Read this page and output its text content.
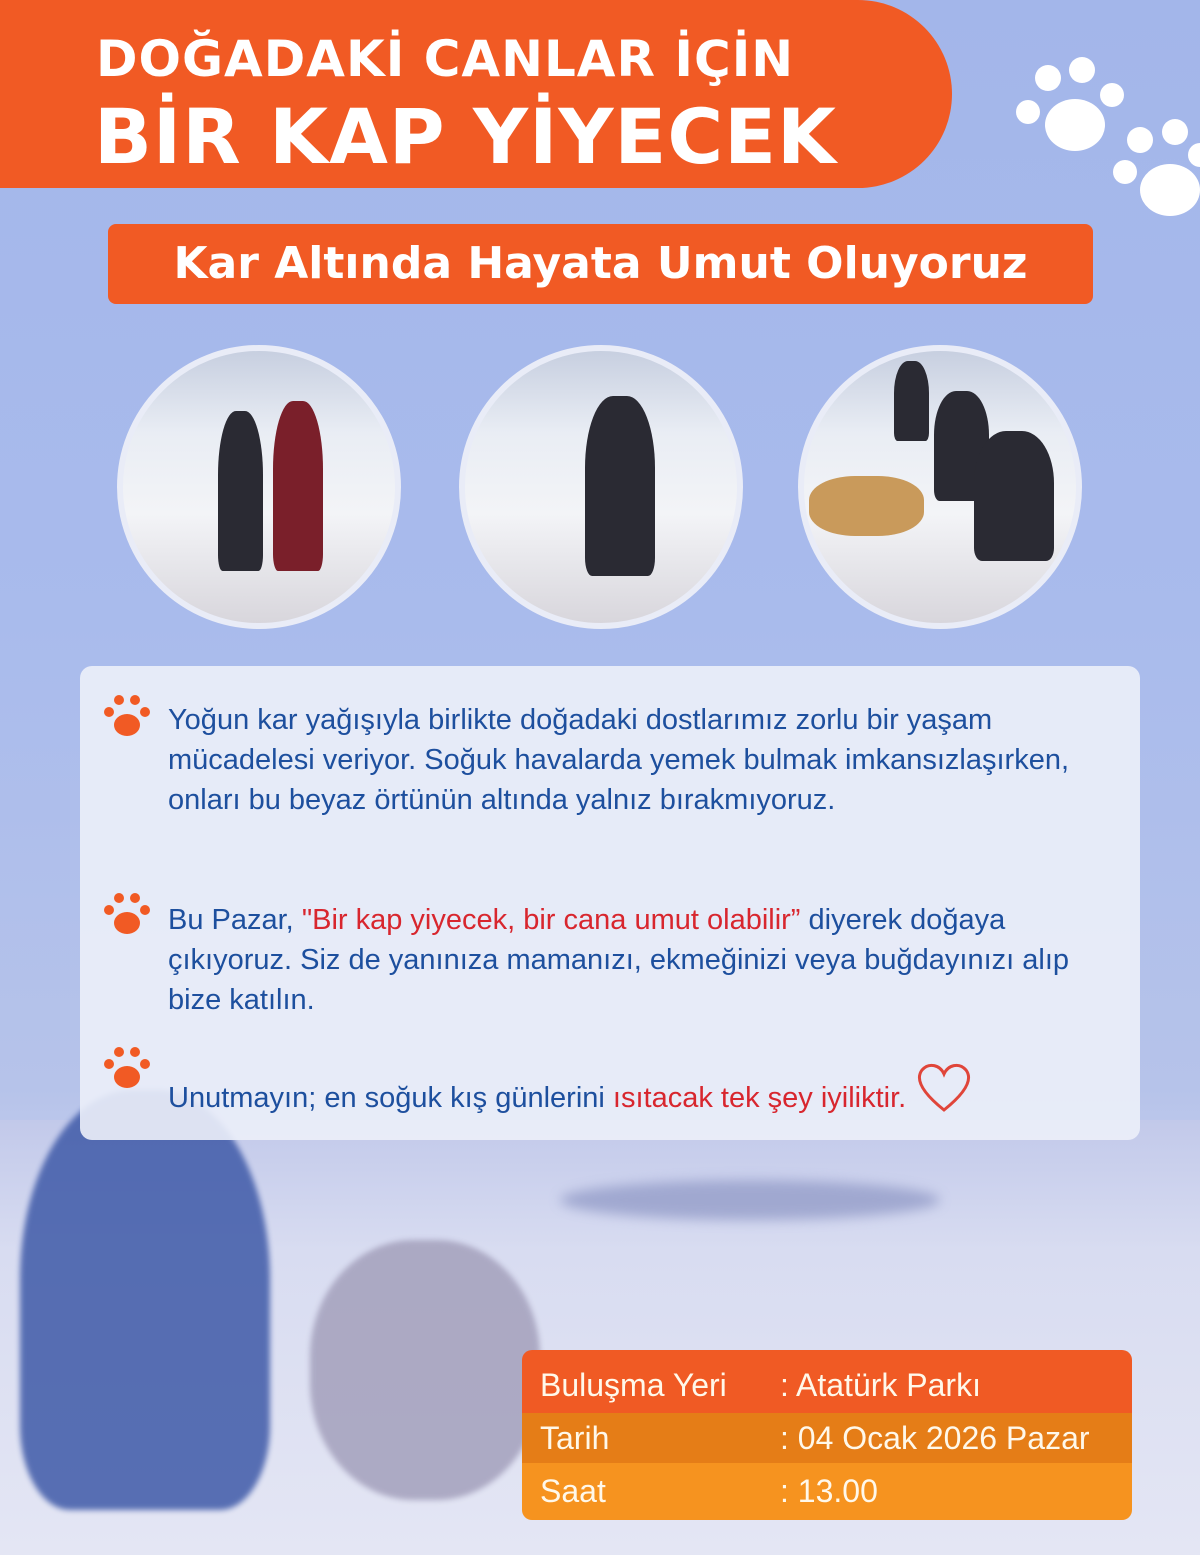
DOĞADAKİ CANLAR İÇİN
BİR KAP YİYECEK
Kar Altında Hayata Umut Oluyoruz
Yoğun kar yağışıyla birlikte doğadaki dostlarımız zorlu bir yaşam mücadelesi veriyor. Soğuk havalarda yemek bulmak imkansızlaşırken, onları bu beyaz örtünün altında yalnız bırakmıyoruz.
Bu Pazar, "Bir kap yiyecek, bir cana umut olabilir” diyerek doğaya çıkıyoruz. Siz de yanınıza mamanızı, ekmeğinizi veya buğdayınızı alıp bize katılın.
Unutmayın; en soğuk kış günlerini ısıtacak tek şey iyiliktir.
Buluşma Yeri	: Atatürk Parkı
Tarih	: 04 Ocak 2026 Pazar
Saat	: 13.00
